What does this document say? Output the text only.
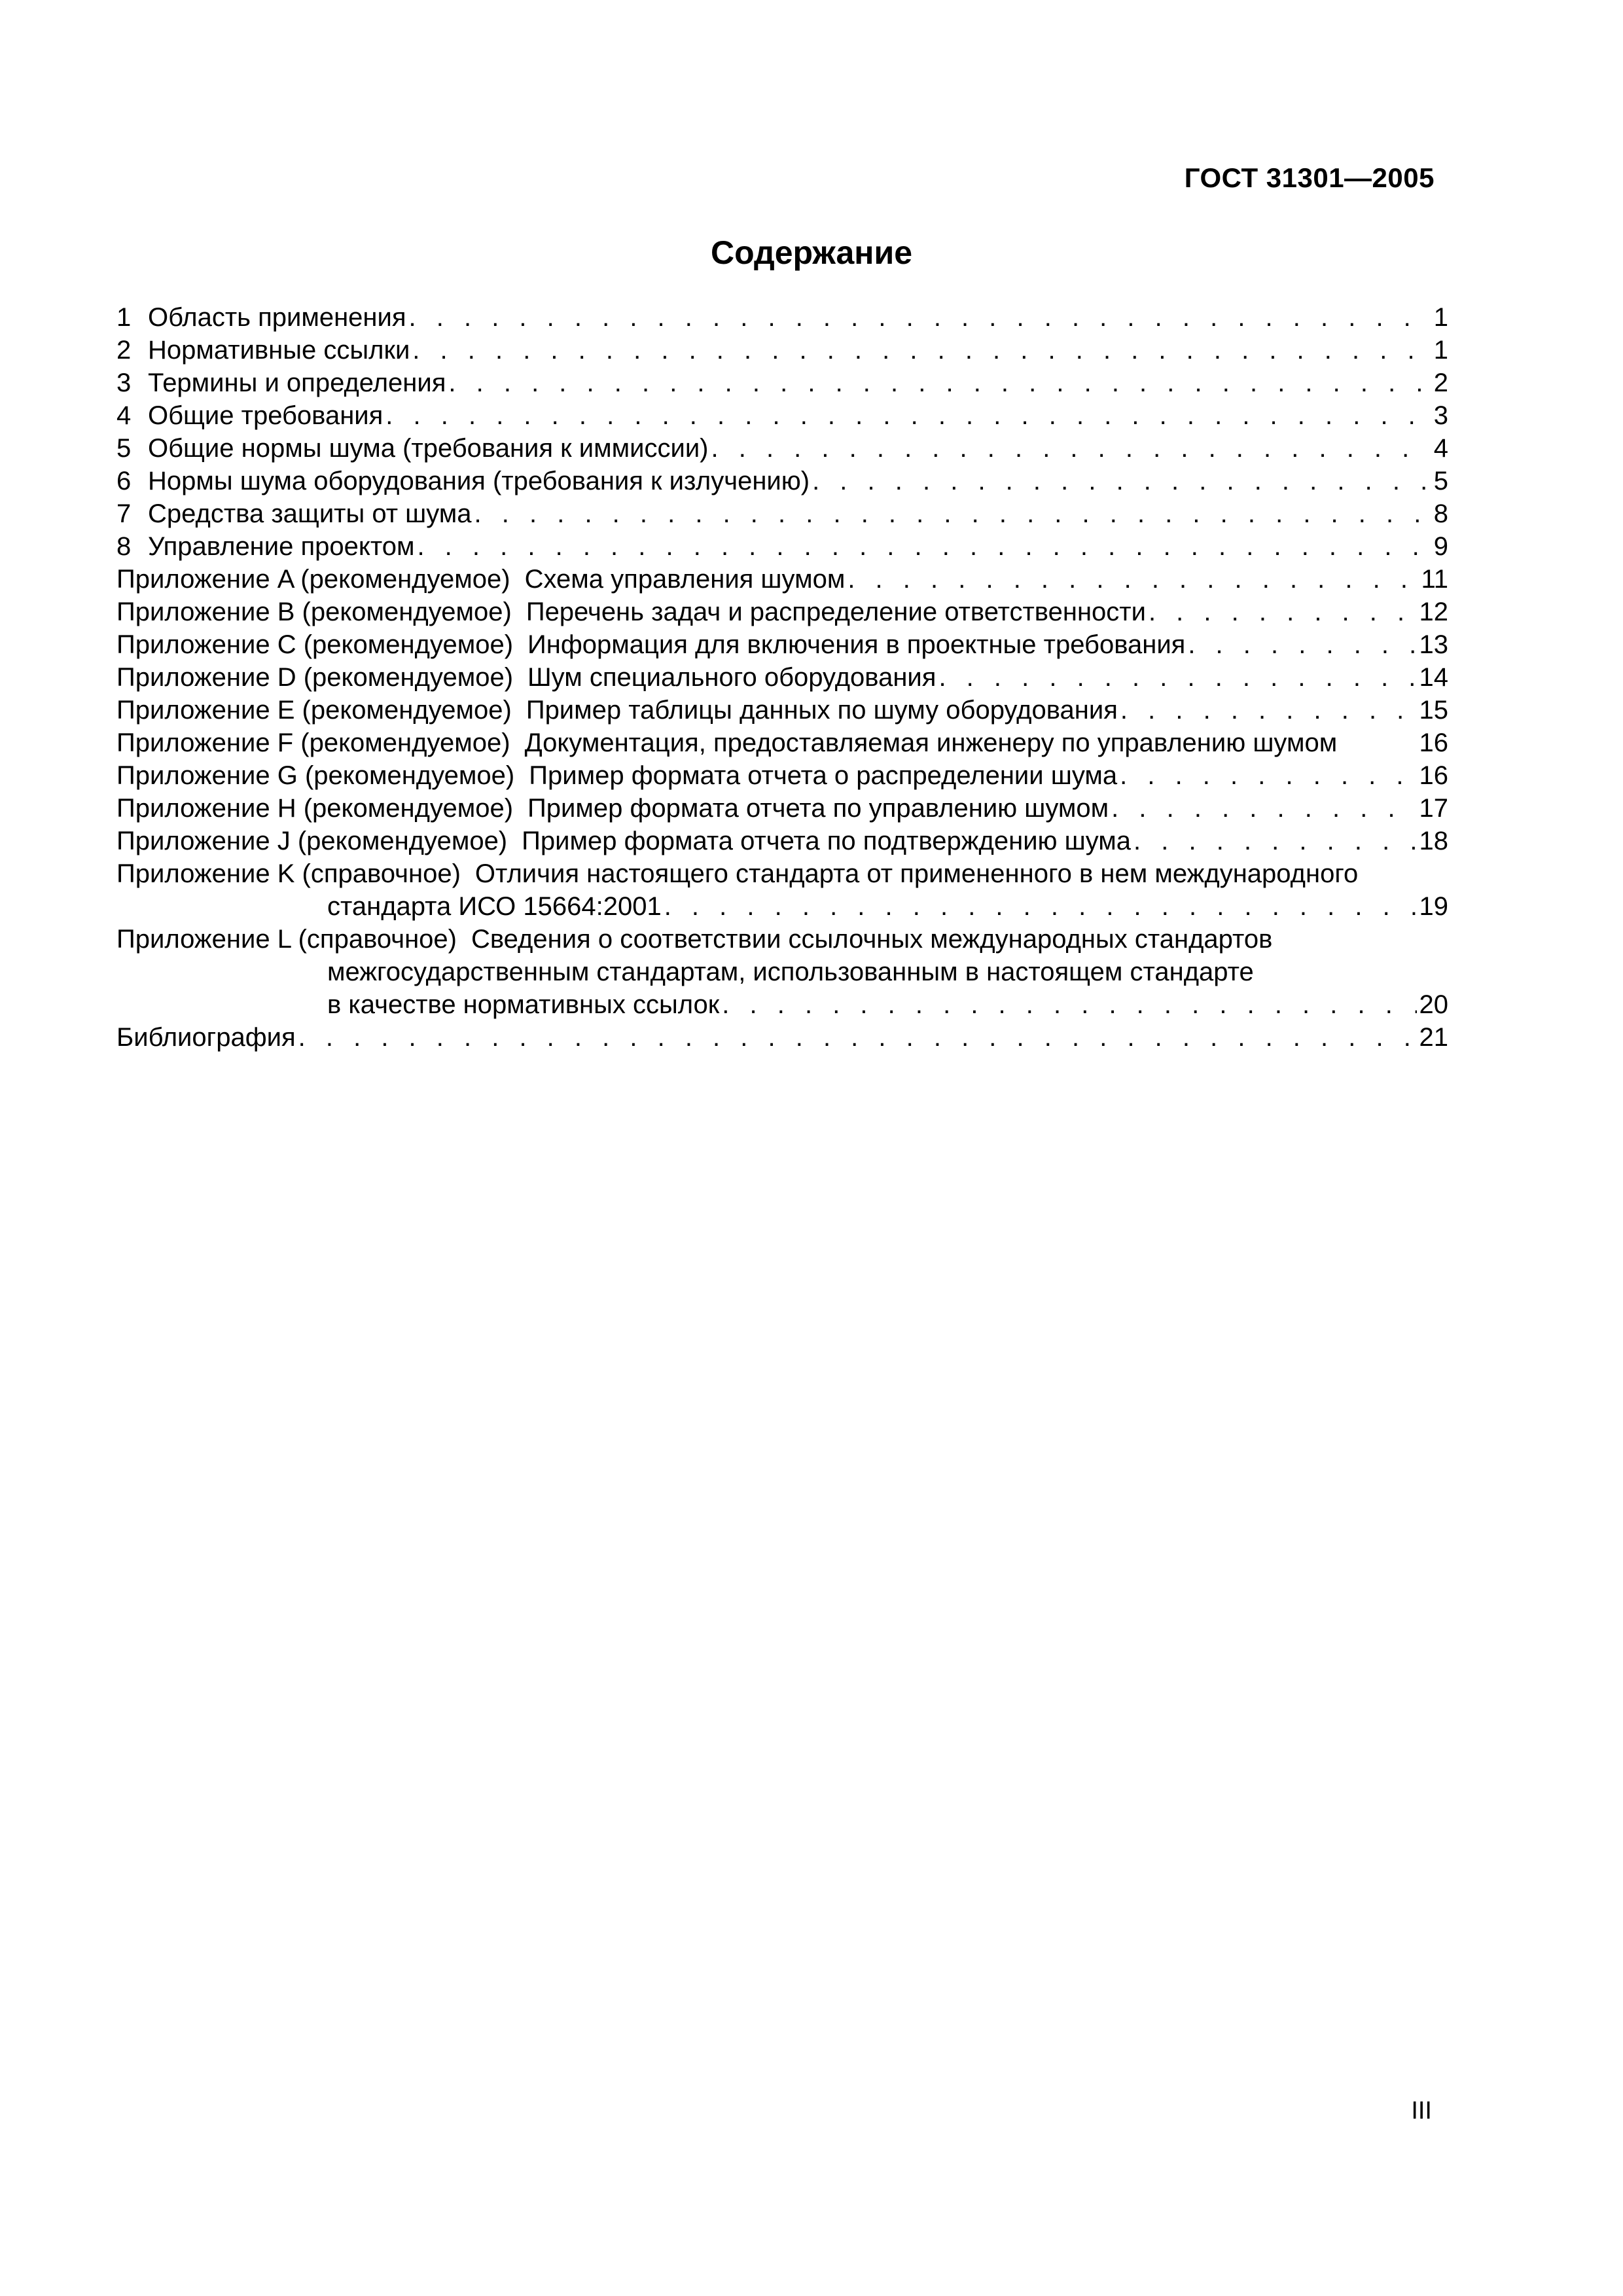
ГОСТ 31301—2005
Содержание
1 Область применения . . .	1
2 Нормативные ссылки . . .	1
3 Термины и определения . . .	2
4 Общие требования . . .	3
5 Общие нормы шума (требования к иммиссии) . . .	4
6 Нормы шума оборудования (требования к излучению) . . .	5
7 Средства защиты от шума . . .	8
8 Управление проектом . . .	9
Приложение A (рекомендуемое) Схема управления шумом . . .	11
Приложение B (рекомендуемое) Перечень задач и распределение ответственности . . .	12
Приложение C (рекомендуемое) Информация для включения в проектные требования . . .	13
Приложение D (рекомендуемое) Шум специального оборудования . . .	14
Приложение E (рекомендуемое) Пример таблицы данных по шуму оборудования . . .	15
Приложение F (рекомендуемое) Документация, предоставляемая инженеру по управлению шумом	16
Приложение G (рекомендуемое) Пример формата отчета о распределении шума . . .	16
Приложение H (рекомендуемое) Пример формата отчета по управлению шумом . . .	17
Приложение J (рекомендуемое) Пример формата отчета по подтверждению шума . . .	18
Приложение K (справочное) Отличия настоящего стандарта от примененного в нем международного
стандарта ИСО 15664:2001 . . .	19
Приложение L (справочное) Сведения о соответствии ссылочных международных стандартов
межгосударственным стандартам, использованным в настоящем стандарте
в качестве нормативных ссылок . . .	20
Библиография . . .	21
III
